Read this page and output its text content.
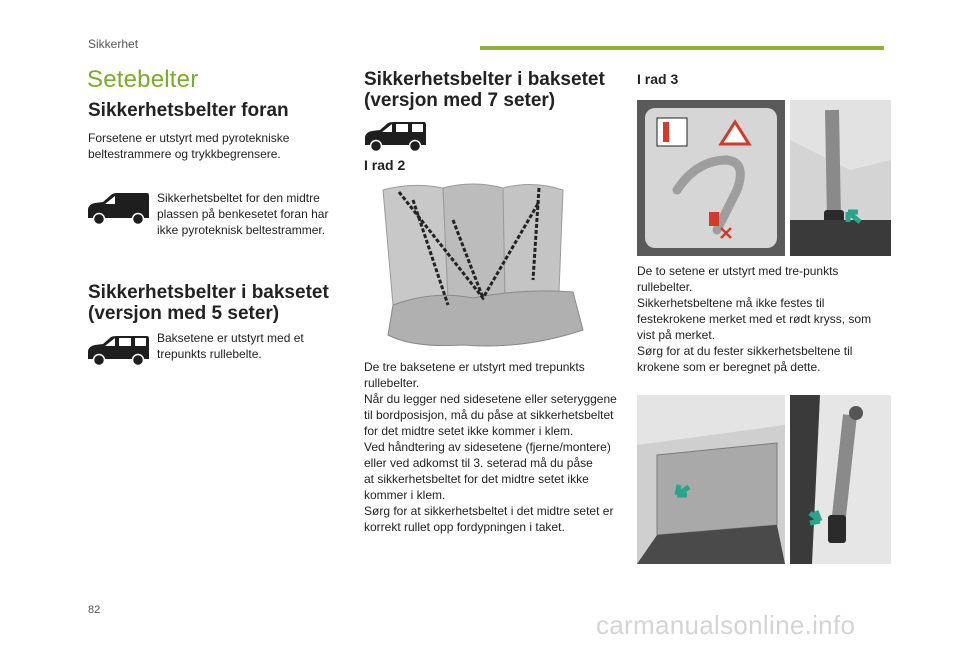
Sikkerhet
Setebelter
Sikkerhetsbelter foran
Forsetene er utstyrt med pyrotekniske
beltestrammere og trykkbegrensere.
Sikkerhetsbeltet for den midtre
plassen på benkesetet foran har
ikke pyroteknisk beltestrammer.
Sikkerhetsbelter i baksetet
(versjon med 5 seter)
Baksetene er utstyrt med et
trepunkts rullebelte.
Sikkerhetsbelter i baksetet
(versjon med 7 seter)
I rad 2
De tre baksetene er utstyrt med trepunkts
rullebelter.
Når du legger ned sidesetene eller seteryggene
til bordposisjon, må du påse at sikkerhetsbeltet
for det midtre setet ikke kommer i klem.
Ved håndtering av sidesetene (fjerne/montere)
eller ved adkomst til 3. seterad må du påse
at sikkerhetsbeltet for det midtre setet ikke
kommer i klem.
Sørg for at sikkerhetsbeltet i det midtre setet er
korrekt rullet opp fordypningen i taket.
I rad 3
De to setene er utstyrt med tre-punkts
rullebelter.
Sikkerhetsbeltene må ikke festes til
festekrokene merket med et rødt kryss, som
vist på merket.
Sørg for at du fester sikkerhetsbeltene til
krokene som er beregnet på dette.
82	carmanualsonline.info
